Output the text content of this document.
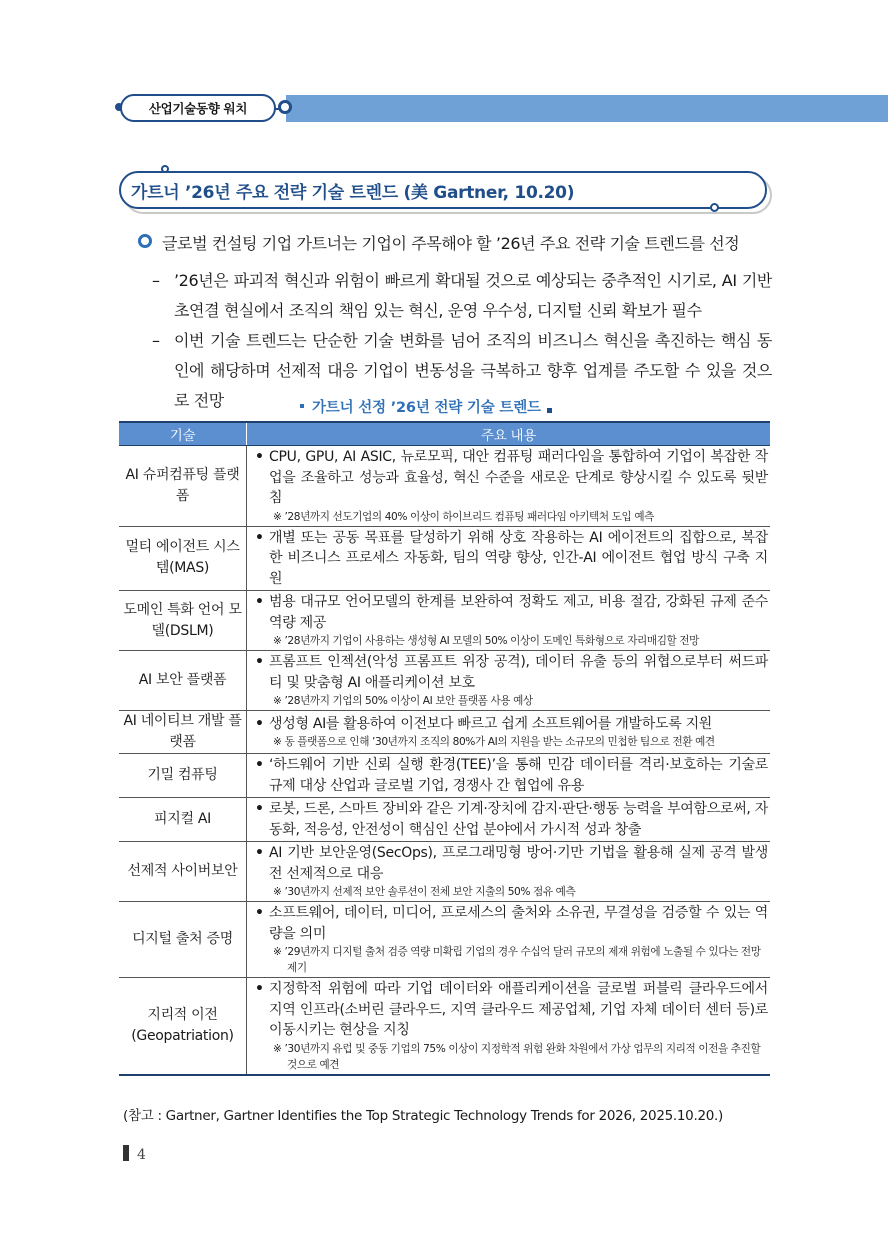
산업기술동향 워치
가트너 ’26년 주요 전략 기술 트렌드 (美 Gartner, 10.20)
글로벌 컨설팅 기업 가트너는 기업이 주목해야 할 ’26년 주요 전략 기술 트렌드를 선정
– ’26년은 파괴적 혁신과 위험이 빠르게 확대될 것으로 예상되는 중추적인 시기로, AI 기반 초연결 현실에서 조직의 책임 있는 혁신, 운영 우수성, 디지털 신뢰 확보가 필수
– 이번 기술 트렌드는 단순한 기술 변화를 넘어 조직의 비즈니스 혁신을 촉진하는 핵심 동인에 해당하며 선제적 대응 기업이 변동성을 극복하고 향후 업계를 주도할 수 있을 것으로 전망	가트너 선정 ’26년 전략 기술 트렌드
기술	주요 내용
AI 슈퍼컴퓨팅 플랫폼	• CPU, GPU, AI ASIC, 뉴로모픽, 대안 컴퓨팅 패러다임을 통합하여 기업이 복잡한 작업을 조율하고 성능과 효율성, 혁신 수준을 새로운 단계로 향상시킬 수 있도록 뒷받침
※ ’28년까지 선도기업의 40% 이상이 하이브리드 컴퓨팅 패러다임 아키텍처 도입 예측

멀티 에이전트 시스템(MAS)	• 개별 또는 공동 목표를 달성하기 위해 상호 작용하는 AI 에이전트의 집합으로, 복잡한 비즈니스 프로세스 자동화, 팀의 역량 향상, 인간-AI 에이전트 협업 방식 구축 지원

도메인 특화 언어 모델(DSLM)	• 범용 대규모 언어모델의 한계를 보완하여 정확도 제고, 비용 절감, 강화된 규제 준수 역량 제공
※ ’28년까지 기업이 사용하는 생성형 AI 모델의 50% 이상이 도메인 특화형으로 자리매김할 전망

AI 보안 플랫폼	• 프롬프트 인젝션(악성 프롬프트 위장 공격), 데이터 유출 등의 위협으로부터 써드파티 및 맞춤형 AI 애플리케이션 보호
※ ’28년까지 기업의 50% 이상이 AI 보안 플랫폼 사용 예상

AI 네이티브 개발 플랫폼	• 생성형 AI를 활용하여 이전보다 빠르고 쉽게 소프트웨어를 개발하도록 지원
※ 동 플랫폼으로 인해 ’30년까지 조직의 80%가 AI의 지원을 받는 소규모의 민첩한 팀으로 전환 예견

기밀 컴퓨팅	• ‘하드웨어 기반 신뢰 실행 환경(TEE)’을 통해 민감 데이터를 격리·보호하는 기술로 규제 대상 산업과 글로벌 기업, 경쟁사 간 협업에 유용

피지컬 AI	• 로봇, 드론, 스마트 장비와 같은 기계·장치에 감지·판단·행동 능력을 부여함으로써, 자동화, 적응성, 안전성이 핵심인 산업 분야에서 가시적 성과 창출

선제적 사이버보안	• AI 기반 보안운영(SecOps), 프로그래밍형 방어·기만 기법을 활용해 실제 공격 발생 전 선제적으로 대응
※ ’30년까지 선제적 보안 솔루션이 전체 보안 지출의 50% 점유 예측

디지털 출처 증명	• 소프트웨어, 데이터, 미디어, 프로세스의 출처와 소유권, 무결성을 검증할 수 있는 역량을 의미
※ ’29년까지 디지털 출처 검증 역량 미확립 기업의 경우 수십억 달러 규모의 제재 위험에 노출될 수 있다는 전망 제기

지리적 이전 (Geopatriation)	• 지정학적 위험에 따라 기업 데이터와 애플리케이션을 글로벌 퍼블릭 클라우드에서 지역 인프라(소버린 클라우드, 지역 클라우드 제공업체, 기업 자체 데이터 센터 등)로 이동시키는 현상을 지칭
※ ’30년까지 유럽 및 중동 기업의 75% 이상이 지정학적 위험 완화 차원에서 가상 업무의 지리적 이전을 추진할 것으로 예견
(참고 : Gartner, Gartner Identifies the Top Strategic Technology Trends for 2026, 2025.10.20.)
4
